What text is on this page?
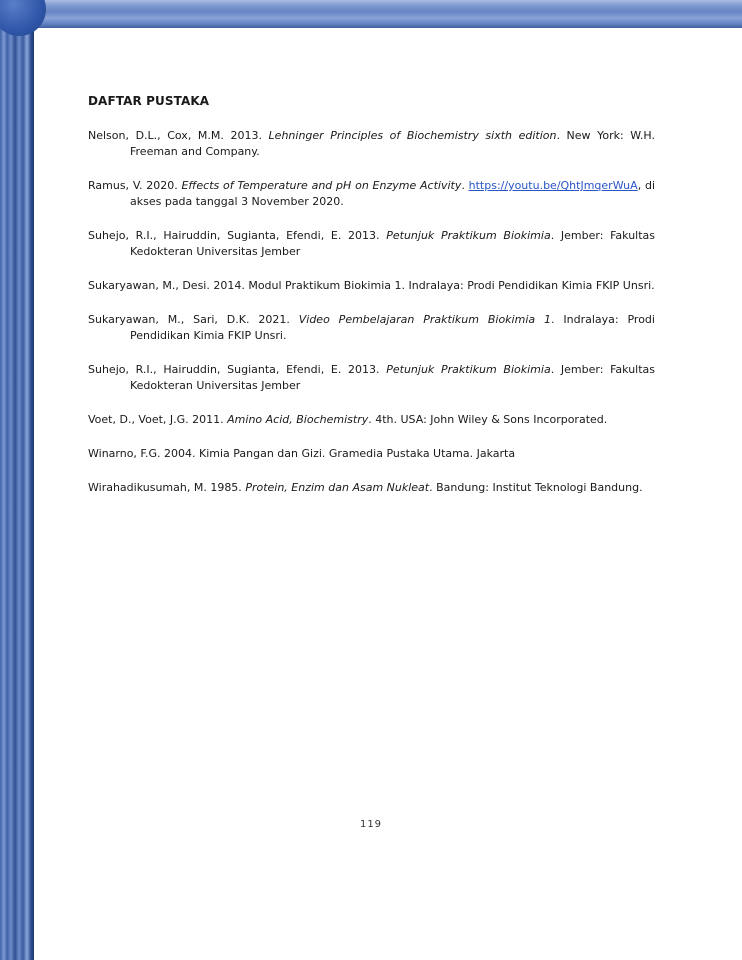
DAFTAR PUSTAKA
Nelson, D.L., Cox, M.M. 2013. Lehninger Principles of Biochemistry sixth edition. New York: W.H. Freeman and Company.
Ramus, V. 2020. Effects of Temperature and pH on Enzyme Activity. https://youtu.be/QhtJmqerWuA, di akses pada tanggal 3 November 2020.
Suhejo, R.I., Hairuddin, Sugianta, Efendi, E. 2013. Petunjuk Praktikum Biokimia. Jember: Fakultas Kedokteran Universitas Jember
Sukaryawan, M., Desi. 2014. Modul Praktikum Biokimia 1. Indralaya: Prodi Pendidikan Kimia FKIP Unsri.
Sukaryawan, M., Sari, D.K. 2021. Video Pembelajaran Praktikum Biokimia 1. Indralaya: Prodi Pendidikan Kimia FKIP Unsri.
Suhejo, R.I., Hairuddin, Sugianta, Efendi, E. 2013. Petunjuk Praktikum Biokimia. Jember: Fakultas Kedokteran Universitas Jember
Voet, D., Voet, J.G. 2011. Amino Acid, Biochemistry. 4th. USA: John Wiley & Sons Incorporated.
Winarno, F.G. 2004. Kimia Pangan dan Gizi. Gramedia Pustaka Utama. Jakarta
Wirahadikusumah, M. 1985. Protein, Enzim dan Asam Nukleat. Bandung: Institut Teknologi Bandung.
119
